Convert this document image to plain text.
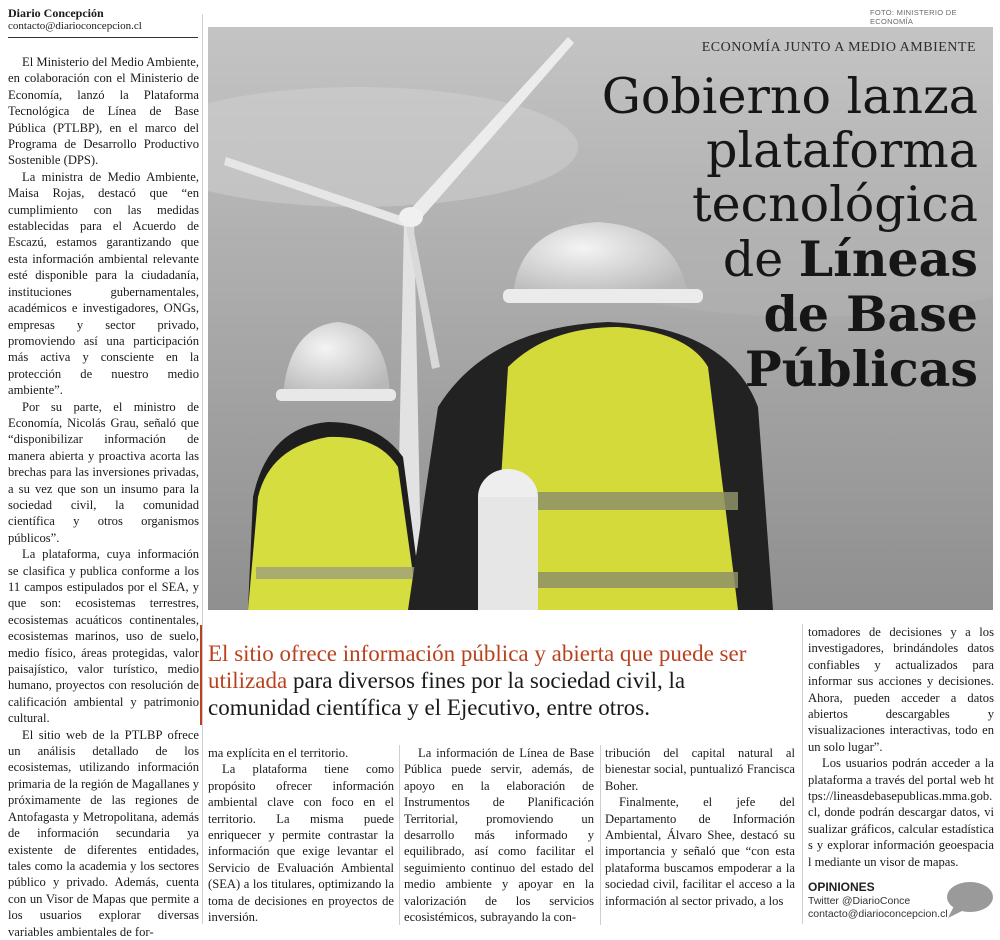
Diario Concepción
contacto@diarioconcepcion.cl

El Ministerio del Medio Ambiente, en colaboración con el Ministerio de Economía, lanzó la Plataforma Tecnológica de Línea de Base Pública (PTLBP), en el marco del Programa de Desarrollo Productivo Sostenible (DPS).

La ministra de Medio Ambiente, Maisa Rojas, destacó que “en cumplimiento con las medidas establecidas para el Acuerdo de Escazú, estamos garantizando que esta información ambiental relevante esté disponible para la ciudadanía, instituciones gubernamentales, académicos e investigadores, ONGs, empresas y sector privado, promoviendo así una participación más activa y consciente en la protección de nuestro medio ambiente”.

Por su parte, el ministro de Economía, Nicolás Grau, señaló que “disponibilizar información de manera abierta y proactiva acorta las brechas para las inversiones privadas, a su vez que son un insumo para la sociedad civil, la comunidad científica y otros organismos públicos”.

La plataforma, cuya información se clasifica y publica conforme a los 11 campos estipulados por el SEA, y que son: ecosistemas terrestres, ecosistemas acuáticos continentales, ecosistemas marinos, uso de suelo, medio físico, áreas protegidas, valor paisajístico, valor turístico, medio humano, proyectos con resolución de calificación ambiental y patrimonio cultural.

El sitio web de la PTLBP ofrece un análisis detallado de los ecosistemas, utilizando información primaria de la región de Magallanes y próximamente de las regiones de Antofagasta y Metropolitana, además de información secundaria ya existente de diferentes entidades, tales como la academia y los sectores público y privado. Además, cuenta con un Visor de Mapas que permite a los usuarios explorar diversas variables ambientales de for-

FOTO: MINISTERIO DE ECONOMÍA
ECONOMÍA JUNTO A MEDIO AMBIENTE
Gobierno lanza
plataforma
tecnológica
de Líneas
de Base
Públicas
El sitio ofrece información pública y abierta que puede ser utilizada para diversos fines por la sociedad civil, la comunidad científica y el Ejecutivo, entre otros.

ma explícita en el territorio.

La plataforma tiene como propósito ofrecer información ambiental clave con foco en el territorio. La misma puede enriquecer y permite contrastar la información que exige levantar el Servicio de Evaluación Ambiental (SEA) a los titulares, optimizando la toma de decisiones en proyectos de inversión.

La información de Línea de Base Pública puede servir, además, de apoyo en la elaboración de Instrumentos de Planificación Territorial, promoviendo un desarrollo más informado y equilibrado, así como facilitar el seguimiento continuo del estado del medio ambiente y apoyar en la valorización de los servicios ecosistémicos, subrayando la con-

tribución del capital natural al bienestar social, puntualizó Francisca Boher.

Finalmente, el jefe del Departamento de Información Ambiental, Álvaro Shee, destacó su importancia y señaló que “con esta plataforma buscamos empoderar a la sociedad civil, facilitar el acceso a la información al sector privado, a los

tomadores de decisiones y a los investigadores, brindándoles datos confiables y actualizados para informar sus acciones y decisiones. Ahora, pueden acceder a datos abiertos descargables y visualizaciones interactivas, todo en un solo lugar”.

Los usuarios podrán acceder a la plataforma a través del portal web https://lineasdebasepublicas.mma.gob.cl, donde podrán descargar datos, visualizar gráficos, calcular estadísticas y explorar información geoespacial mediante un visor de mapas.

OPINIONES
Twitter @DiarioConce
contacto@diarioconcepcion.cl
